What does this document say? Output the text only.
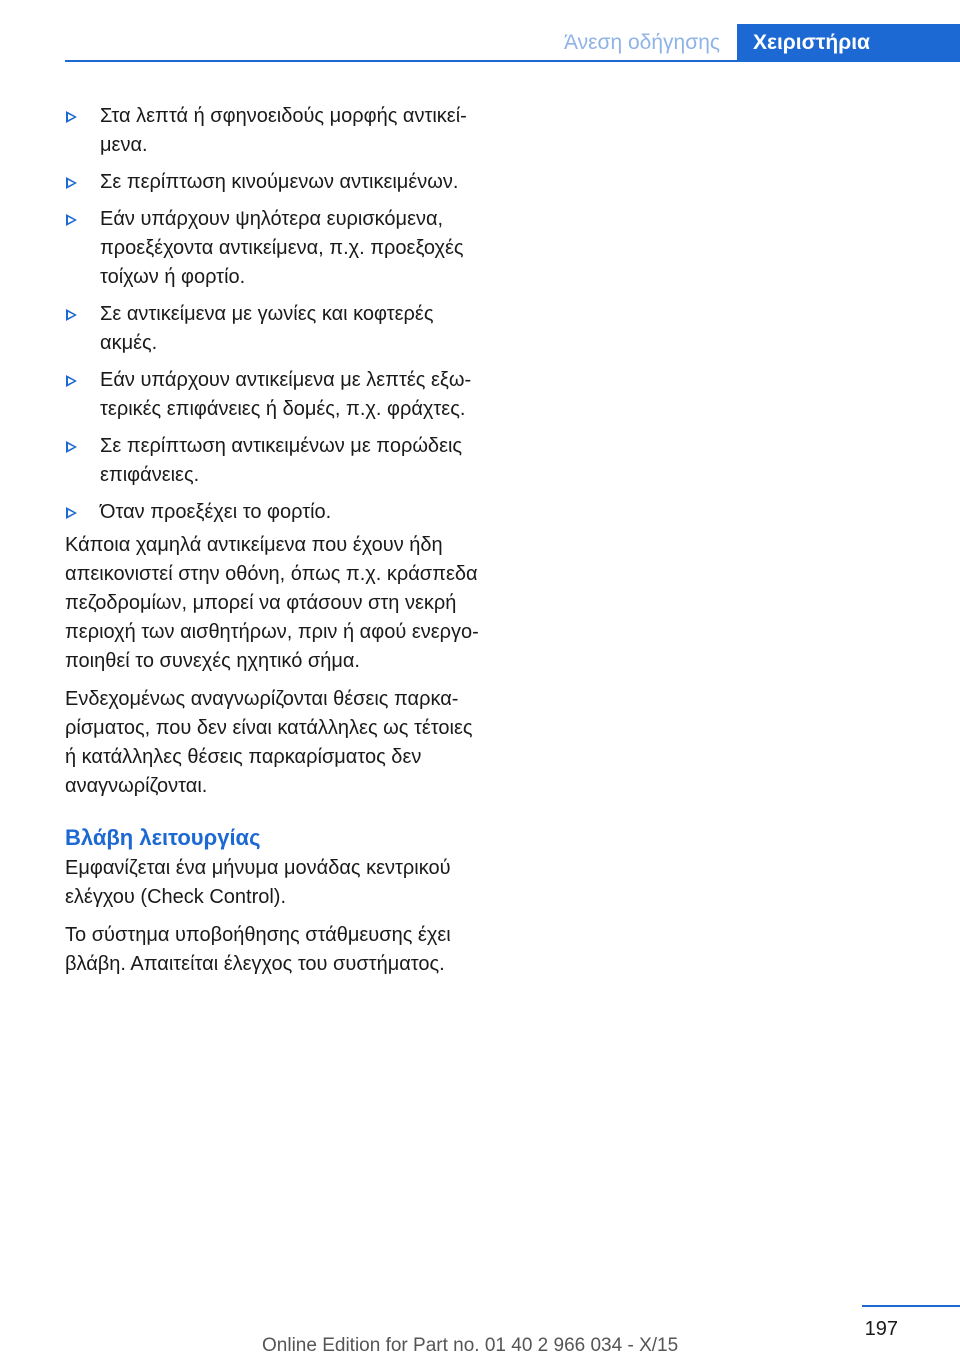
Άνεση οδήγησης	Χειριστήρια
Στα λεπτά ή σφηνοειδούς μορφής αντικείμενα.
Σε περίπτωση κινούμενων αντικειμένων.
Εάν υπάρχουν ψηλότερα ευρισκόμενα, προεξέχοντα αντικείμενα, π.χ. προεξοχές τοίχων ή φορτίο.
Σε αντικείμενα με γωνίες και κοφτερές ακμές.
Εάν υπάρχουν αντικείμενα με λεπτές εξωτερικές επιφάνειες ή δομές, π.χ. φράχτες.
Σε περίπτωση αντικειμένων με πορώδεις επιφάνειες.
Όταν προεξέχει το φορτίο.

Κάποια χαμηλά αντικείμενα που έχουν ήδη απεικονιστεί στην οθόνη, όπως π.χ. κράσπεδα πεζοδρομίων, μπορεί να φτάσουν στη νεκρή περιοχή των αισθητήρων, πριν ή αφού ενεργοποιηθεί το συνεχές ηχητικό σήμα.

Ενδεχομένως αναγνωρίζονται θέσεις παρκαρίσματος, που δεν είναι κατάλληλες ως τέτοιες ή κατάλληλες θέσεις παρκαρίσματος δεν αναγνωρίζονται.

Βλάβη λειτουργίας

Εμφανίζεται ένα μήνυμα μονάδας κεντρικού ελέγχου (Check Control).

Το σύστημα υποβοήθησης στάθμευσης έχει βλάβη. Απαιτείται έλεγχος του συστήματος.

197
Online Edition for Part no. 01 40 2 966 034 - X/15
